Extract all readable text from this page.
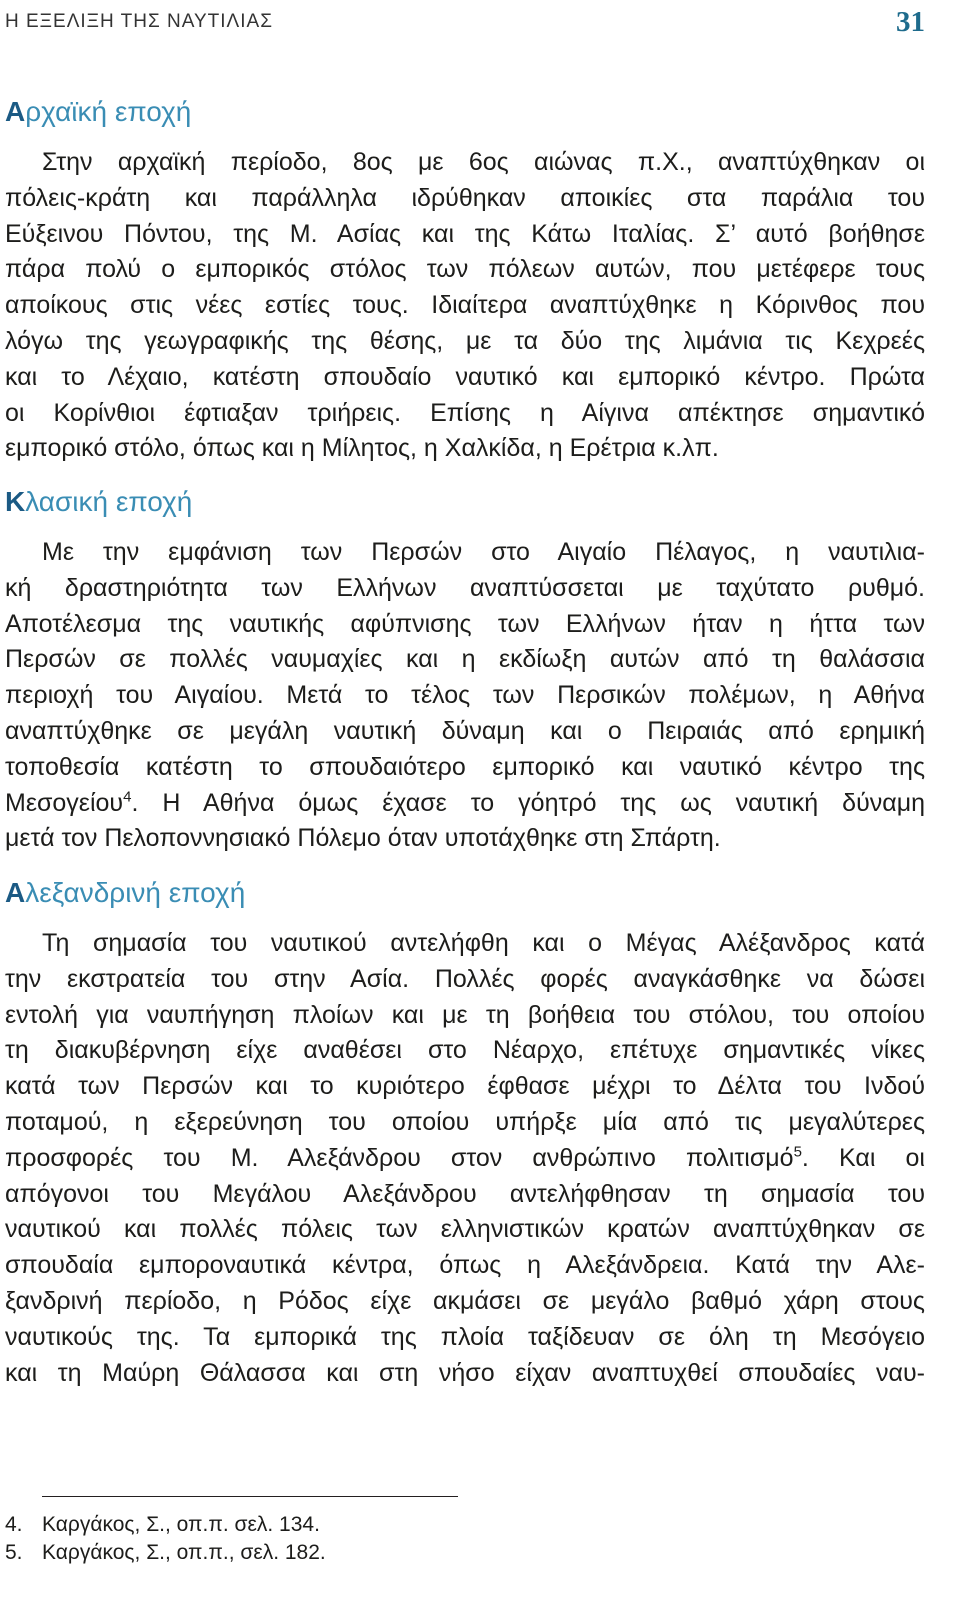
Η ΕΞΕΛΙΞΗ ΤΗΣ ΝΑΥΤΙΛΙΑΣ	31
Αρχαϊκή εποχή
Στην αρχαϊκή περίοδο, 8ος με 6ος αιώνας π.Χ., αναπτύχθηκαν οι
πόλεις-κράτη και παράλληλα ιδρύθηκαν αποικίες στα παράλια του
Εύξεινου Πόντου, της Μ. Ασίας και της Κάτω Ιταλίας. Σ’ αυτό βοήθησε
πάρα πολύ ο εμπορικός στόλος των πόλεων αυτών, που μετέφερε τους
αποίκους στις νέες εστίες τους. Ιδιαίτερα αναπτύχθηκε η Κόρινθος που
λόγω της γεωγραφικής της θέσης, με τα δύο της λιμάνια τις Κεχρεές
και το Λέχαιο, κατέστη σπουδαίο ναυτικό και εμπορικό κέντρο. Πρώτα
οι Κορίνθιοι έφτιαξαν τριήρεις. Επίσης η Αίγινα απέκτησε σημαντικό
εμπορικό στόλο, όπως και η Μίλητος, η Χαλκίδα, η Ερέτρια κ.λπ.
Κλασική εποχή
Με την εμφάνιση των Περσών στο Αιγαίο Πέλαγος, η ναυτιλια-
κή δραστηριότητα των Ελλήνων αναπτύσσεται με ταχύτατο ρυθμό.
Αποτέλεσμα της ναυτικής αφύπνισης των Ελλήνων ήταν η ήττα των
Περσών σε πολλές ναυμαχίες και η εκδίωξη αυτών από τη θαλάσσια
περιοχή του Αιγαίου. Μετά το τέλος των Περσικών πολέμων, η Αθήνα
αναπτύχθηκε σε μεγάλη ναυτική δύναμη και ο Πειραιάς από ερημική
τοποθεσία κατέστη το σπουδαιότερο εμπορικό και ναυτικό κέντρο της
Μεσογείου$^4$. Η Αθήνα όμως έχασε το γόητρό της ως ναυτική δύναμη
μετά τον Πελοποννησιακό Πόλεμο όταν υποτάχθηκε στη Σπάρτη.
Αλεξανδρινή εποχή
Τη σημασία του ναυτικού αντελήφθη και ο Μέγας Αλέξανδρος κατά
την εκστρατεία του στην Ασία. Πολλές φορές αναγκάσθηκε να δώσει
εντολή για ναυπήγηση πλοίων και με τη βοήθεια του στόλου, του οποίου
τη διακυβέρνηση είχε αναθέσει στο Νέαρχο, επέτυχε σημαντικές νίκες
κατά των Περσών και το κυριότερο έφθασε μέχρι το Δέλτα του Ινδού
ποταμού, η εξερεύνηση του οποίου υπήρξε μία από τις μεγαλύτερες
προσφορές του Μ. Αλεξάνδρου στον ανθρώπινο πολιτισμό$^5$. Και οι
απόγονοι του Μεγάλου Αλεξάνδρου αντελήφθησαν τη σημασία του
ναυτικού και πολλές πόλεις των ελληνιστικών κρατών αναπτύχθηκαν σε
σπουδαία εμποροναυτικά κέντρα, όπως η Αλεξάνδρεια. Κατά την Αλε-
ξανδρινή περίοδο, η Ρόδος είχε ακμάσει σε μεγάλο βαθμό χάρη στους
ναυτικούς της. Τα εμπορικά της πλοία ταξίδευαν σε όλη τη Μεσόγειο
και τη Μαύρη Θάλασσα και στη νήσο είχαν αναπτυχθεί σπουδαίες ναυ-
4. Καργάκος, Σ., οπ.π. σελ. 134.
5. Καργάκος, Σ., οπ.π., σελ. 182.
